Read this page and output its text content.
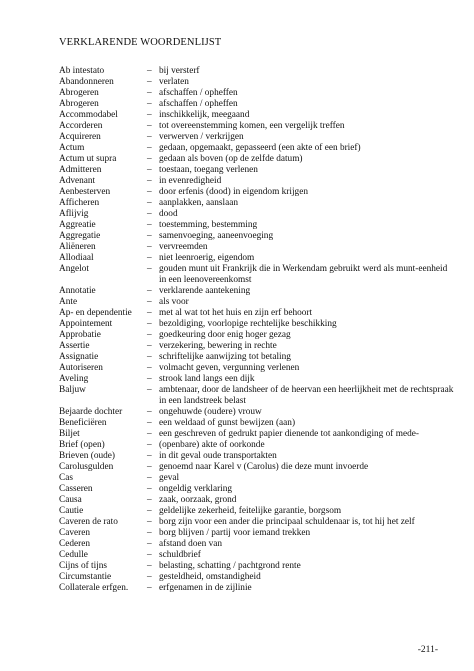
VERKLARENDE WOORDENLIJST
Ab intestato	– bij versterf
Abandonneren	– verlaten
Abrogeren	– afschaffen / opheffen
Abrogeren	– afschaffen / opheffen
Accommodabel	– inschikkelijk, meegaand
Accorderen	– tot overeenstemming komen, een vergelijk treffen
Acquireren	– verwerven / verkrijgen
Actum	– gedaan, opgemaakt, gepasseerd (een akte of een brief)
Actum ut supra	– gedaan als boven (op de zelfde datum)
Admitteren	– toestaan, toegang verlenen
Advenant	– in evenredigheid
Aenbesterven	– door erfenis (dood) in eigendom krijgen
Afficheren	– aanplakken, aanslaan
Aflijvig	– dood
Aggreatie	– toestemming, bestemming
Aggregatie	– samenvoeging, aaneenvoeging
Aliëneren	– vervreemden
Allodiaal	– niet leenroerig, eigendom
Angelot	– gouden munt uit Frankrijk die in Werkendam gebruikt werd als munt-eenheid in een leenovereenkomst
Annotatie	– verklarende aantekening
Ante	– als voor
Ap- en dependentie	– met al wat tot het huis en zijn erf behoort
Appointement	– bezoldiging, voorlopige rechtelijke beschikking
Approbatie	– goedkeuring door enig hoger gezag
Assertie	– verzekering, bewering in rechte
Assignatie	– schriftelijke aanwijzing tot betaling
Autoriseren	– volmacht geven, vergunning verlenen
Aveling	– strook land langs een dijk
Baljuw	– ambtenaar, door de landsheer of de heervan een heerlijkheit met de rechtspraak in een landstreek belast
Bejaarde dochter	– ongehuwde (oudere) vrouw
Beneficiëren	– een weldaad of gunst bewijzen (aan)
Biljet	– een geschreven of gedrukt papier dienende tot aankondiging of mede-
Brief (open)	– (openbare) akte of oorkonde
Brieven (oude)	– in dit geval oude transportakten
Carolusgulden	– genoemd naar Karel v (Carolus) die deze munt invoerde
Cas	– geval
Casseren	– ongeldig verklaring
Causa	– zaak, oorzaak, grond
Cautie	– geldelijke zekerheid, feitelijke garantie, borgsom
Caveren de rato	– borg zijn voor een ander die principaal schuldenaar is, tot hij het zelf
Caveren	– borg blijven / partij voor iemand trekken
Cederen	– afstand doen van
Cedulle	– schuldbrief
Cijns of tijns	– belasting, schatting / pachtgrond rente
Circumstantie	– gesteldheid, omstandigheid
Collaterale erfgen.	– erfgenamen in de zijlinie
-211-
